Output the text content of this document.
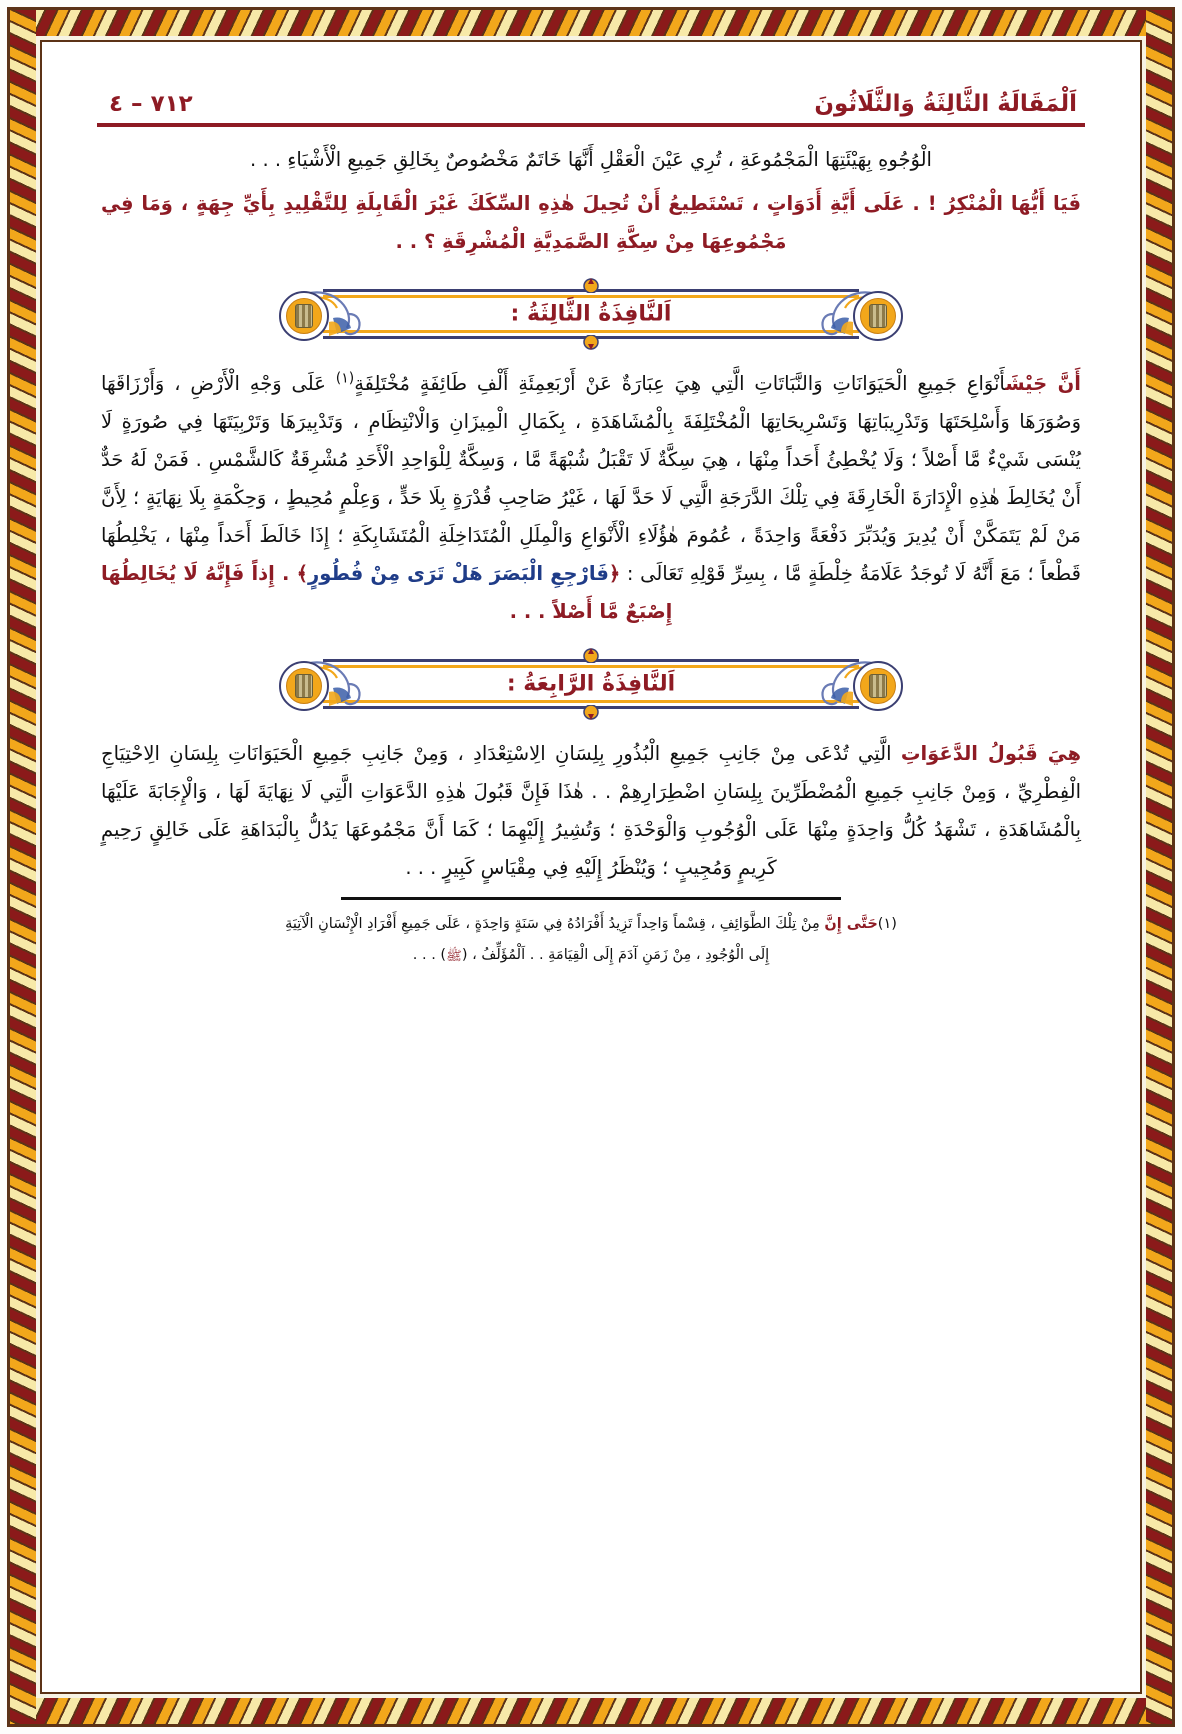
اَلْمَقَالَةُ الثَّالِثَةُ وَالثَّلَاثُونَ
٧١٢ – ٤

الْوُجُوهِ بِهَيْئَتِهَا الْمَجْمُوعَةِ ، تُرِي عَيْنَ الْعَقْلِ أَنَّهَا خَاتَمٌ مَخْصُوصٌ بِخَالِقِ جَمِيعِ الْأَشْيَاءِ . . .

فَيَا أَيُّهَا الْمُنْكِرُ ! . عَلَى أَيَّةِ أَدَوَاتٍ ، تَسْتَطِيعُ أَنْ تُحِيلَ هٰذِهِ السِّكَكَ غَيْرَ الْقَابِلَةِ لِلتَّقْلِيدِ بِأَيِّ جِهَةٍ ، وَمَا فِي مَجْمُوعِهَا مِنْ سِكَّةِ الصَّمَدِيَّةِ الْمُشْرِقَةِ ؟ . .

اَلنَّافِذَةُ الثَّالِثَةُ :

أَنَّ جَيْشَأَنْوَاعِ جَمِيعِ الْحَيَوَانَاتِ وَالنَّبَاتَاتِ الَّتِي هِيَ عِبَارَةٌ عَنْ أَرْبَعِمِئَةِ أَلْفِ طَائِفَةٍ مُخْتَلِفَةٍ$^{(١)}$ عَلَى وَجْهِ الْأَرْضِ ، وَأَرْزَاقَهَا وَصُوَرَهَا وَأَسْلِحَتَهَا وَتَدْرِيبَاتِهَا وَتَسْرِيحَاتِهَا الْمُخْتَلِفَةَ بِالْمُشَاهَدَةِ ، بِكَمَالِ الْمِيزَانِ وَالْانْتِظَامِ ، وَتَدْبِيرَهَا وَتَرْبِيَتَهَا فِي صُورَةٍ لَا يُنْسَى شَيْءٌ مَّا أَصْلاً ؛ وَلَا يُخْطِئُ أَحَداً مِنْهَا ، هِيَ سِكَّةٌ لَا تَقْبَلُ شُبْهَةً مَّا ، وَسِكَّةٌ لِلْوَاحِدِ الْأَحَدِ مُشْرِقَةٌ كَالشَّمْسِ . فَمَنْ لَهُ حَدٌّ أَنْ يُخَالِطَ هٰذِهِ الْإِدَارَةَ الْخَارِقَةَ فِي تِلْكَ الدَّرَجَةِ الَّتِي لَا حَدَّ لَهَا ، غَيْرُ صَاحِبِ قُدْرَةٍ بِلَا حَدٍّ ، وَعِلْمٍ مُحِيطٍ ، وَحِكْمَةٍ بِلَا نِهَايَةٍ ؛ لِأَنَّ مَنْ لَمْ يَتَمَكَّنْ أَنْ يُدِيرَ وَيُدَبِّرَ دَفْعَةً وَاحِدَةً ، عُمُومَ هٰؤُلَاءِ الْأَنْوَاعِ وَالْمِلَلِ الْمُتَدَاخِلَةِ الْمُتَشَابِكَةِ ؛ إِذَا خَالَطَ أَحَداً مِنْهَا ، يَخْلِطُهَا قَطْعاً ؛ مَعَ أَنَّهُ لَا تُوجَدُ عَلَامَةُ خِلْطَةٍ مَّا ، بِسِرِّ قَوْلِهِ تَعَالَى : ﴿فَارْجِعِ الْبَصَرَ هَلْ تَرَى مِنْ فُطُورٍ﴾ . إِذاً فَإِنَّهُ لَا يُخَالِطُهَا إِصْبَعٌ مَّا أَصْلاً . . .

اَلنَّافِذَةُ الرَّابِعَةُ :

هِيَ قَبُولُ الدَّعَوَاتِ الَّتِي تُدْعَى مِنْ جَانِبِ جَمِيعِ الْبُذُورِ بِلِسَانِ الِاسْتِعْدَادِ ، وَمِنْ جَانِبِ جَمِيعِ الْحَيَوَانَاتِ بِلِسَانِ الِاحْتِيَاجِ الْفِطْرِيِّ ، وَمِنْ جَانِبِ جَمِيعِ الْمُضْطَرِّينَ بِلِسَانِ اضْطِرَارِهِمْ . . هٰذَا فَإِنَّ قَبُولَ هٰذِهِ الدَّعَوَاتِ الَّتِي لَا نِهَايَةَ لَهَا ، وَالْإِجَابَةَ عَلَيْهَا بِالْمُشَاهَدَةِ ، تَشْهَدُ كُلُّ وَاحِدَةٍ مِنْهَا عَلَى الْوُجُوبِ وَالْوَحْدَةِ ؛ وَتُشِيرُ إِلَيْهِمَا ؛ كَمَا أَنَّ مَجْمُوعَهَا يَدُلُّ بِالْبَدَاهَةِ عَلَى خَالِقٍ رَحِيمٍ كَرِيمٍ وَمُجِيبٍ ؛ وَيُنْظَرُ إِلَيْهِ فِي مِقْيَاسٍ كَبِيرٍ . . .

(١)حَتَّى إِنَّ مِنْ تِلْكَ الطَّوَائِفِ ، قِسْماً وَاحِداً تَزِيدُ أَفْرَادُهُ فِي سَنَةٍ وَاحِدَةٍ ، عَلَى جَمِيعِ أَفْرَادِ الْإِنْسَانِ الْآتِيَةِ

إِلَى الْوُجُودِ ، مِنْ زَمَنِ آدَمَ إِلَى الْقِيَامَةِ . . اَلْمُؤَلِّفُ ، (ﷺ) . . .
